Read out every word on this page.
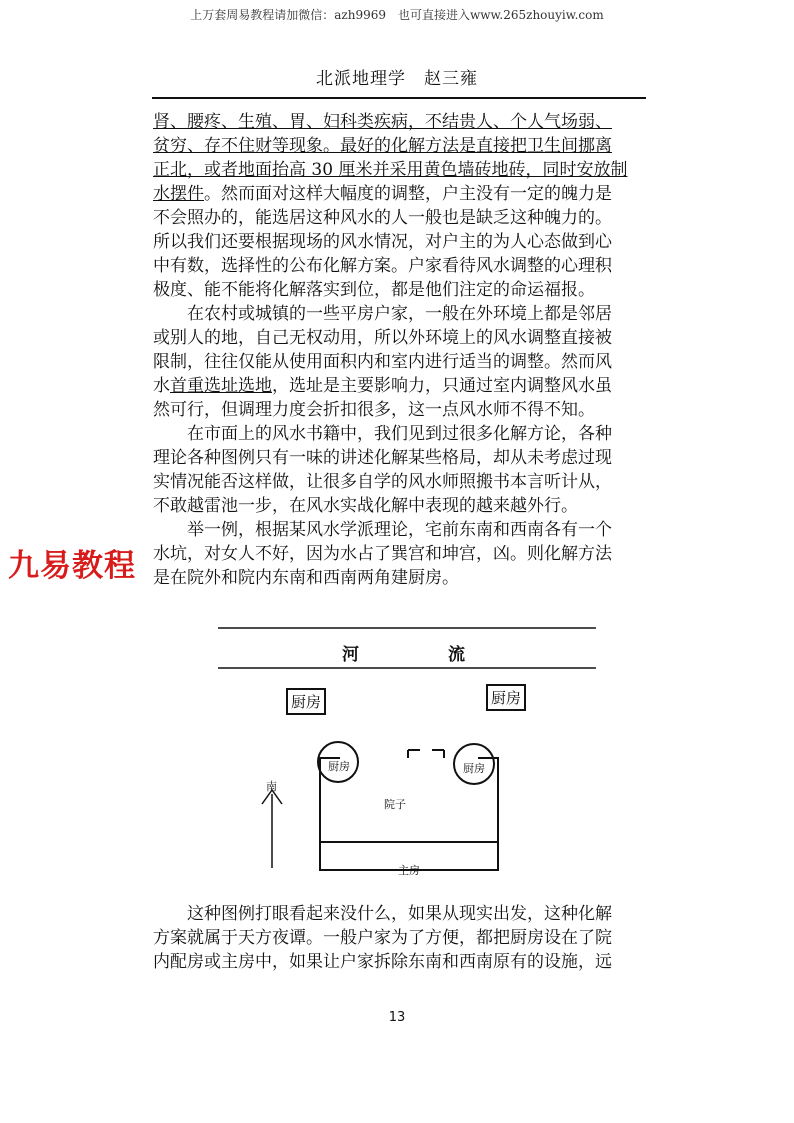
上万套周易教程请加微信：azh9969　也可直接进入www.265zhouyiw.com
北派地理学　赵三雍

肾、腰疼、生殖、胃、妇科类疾病，不结贵人、个人气场弱、

贫穷、存不住财等现象。最好的化解方法是直接把卫生间挪离

正北，或者地面抬高 30 厘米并采用黄色墙砖地砖，同时安放制

水摆件。然而面对这样大幅度的调整，户主没有一定的魄力是

不会照办的，能选居这种风水的人一般也是缺乏这种魄力的。

所以我们还要根据现场的风水情况，对户主的为人心态做到心

中有数，选择性的公布化解方案。户家看待风水调整的心理积

极度、能不能将化解落实到位，都是他们注定的命运福报。

在农村或城镇的一些平房户家，一般在外环境上都是邻居

或别人的地，自己无权动用，所以外环境上的风水调整直接被

限制，往往仅能从使用面积内和室内进行适当的调整。然而风

水首重选址选地，选址是主要影响力，只通过室内调整风水虽

然可行，但调理力度会折扣很多，这一点风水师不得不知。

在市面上的风水书籍中，我们见到过很多化解方论，各种

理论各种图例只有一味的讲述化解某些格局，却从未考虑过现

实情况能否这样做，让很多自学的风水师照搬书本言听计从，

不敢越雷池一步，在风水实战化解中表现的越来越外行。

举一例，根据某风水学派理论，宅前东南和西南各有一个

水坑，对女人不好，因为水占了巽宫和坤宫，凶。则化解方法

是在院外和院内东南和西南两角建厨房。

九易教程
河	流
厨房	厨房
厨房	厨房
院子
主房
南

这种图例打眼看起来没什么，如果从现实出发，这种化解

方案就属于天方夜谭。一般户家为了方便，都把厨房设在了院

内配房或主房中，如果让户家拆除东南和西南原有的设施，远

13
